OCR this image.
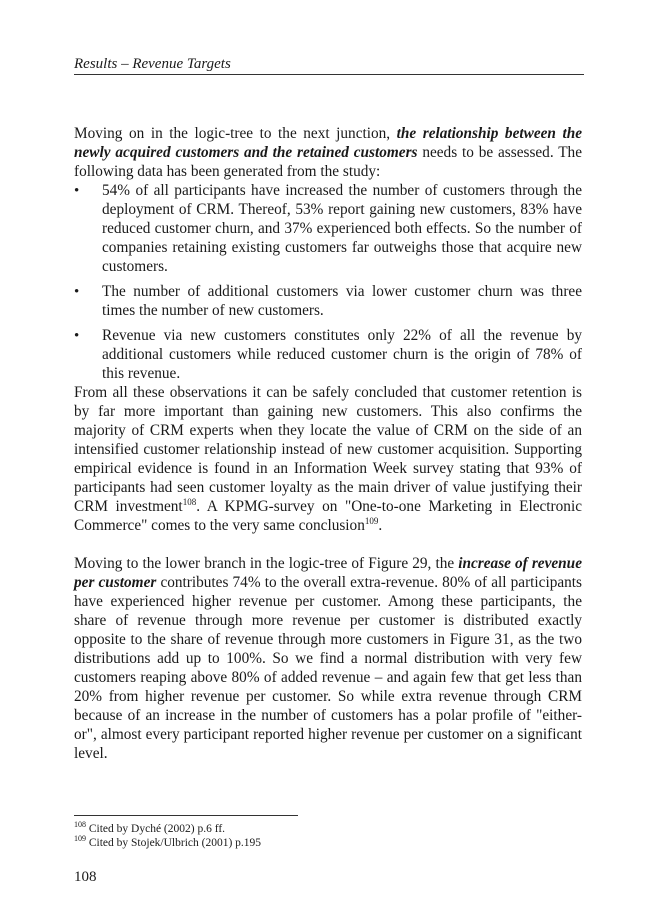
Results – Revenue Targets

Moving on in the logic-tree to the next junction, the relationship between the newly acquired customers and the retained customers needs to be assessed. The following data has been generated from the study:

•
54% of all participants have increased the number of customers through the deployment of CRM. Thereof, 53% report gaining new customers, 83% have reduced customer churn, and 37% experienced both effects. So the number of companies retaining existing customers far outweighs those that acquire new customers.
•
The number of additional customers via lower customer churn was three times the number of new customers.
•
Revenue via new customers constitutes only 22% of all the revenue by additional customers while reduced customer churn is the origin of 78% of this revenue.

From all these observations it can be safely concluded that customer retention is by far more important than gaining new customers. This also confirms the majority of CRM experts when they locate the value of CRM on the side of an intensified customer relationship instead of new customer acquisition. Supporting empirical evidence is found in an Information Week survey stating that 93% of participants had seen customer loyalty as the main driver of value justifying their CRM investment$^{108}$. A KPMG-survey on "One-to-one Marketing in Electronic Commerce" comes to the very same conclusion$^{109}$.

Moving to the lower branch in the logic-tree of Figure 29, the increase of revenue per customer contributes 74% to the overall extra-revenue. 80% of all participants have experienced higher revenue per customer. Among these participants, the share of revenue through more revenue per customer is distributed exactly opposite to the share of revenue through more customers in Figure 31, as the two distributions add up to 100%. So we find a normal distribution with very few customers reaping above 80% of added revenue – and again few that get less than 20% from higher revenue per customer. So while extra revenue through CRM because of an increase in the number of customers has a polar profile of "either-or", almost every participant reported higher revenue per customer on a significant level.

$^{108}$ Cited by Dyché (2002) p.6 ff.
$^{109}$ Cited by Stojek/Ulbrich (2001) p.195
108
